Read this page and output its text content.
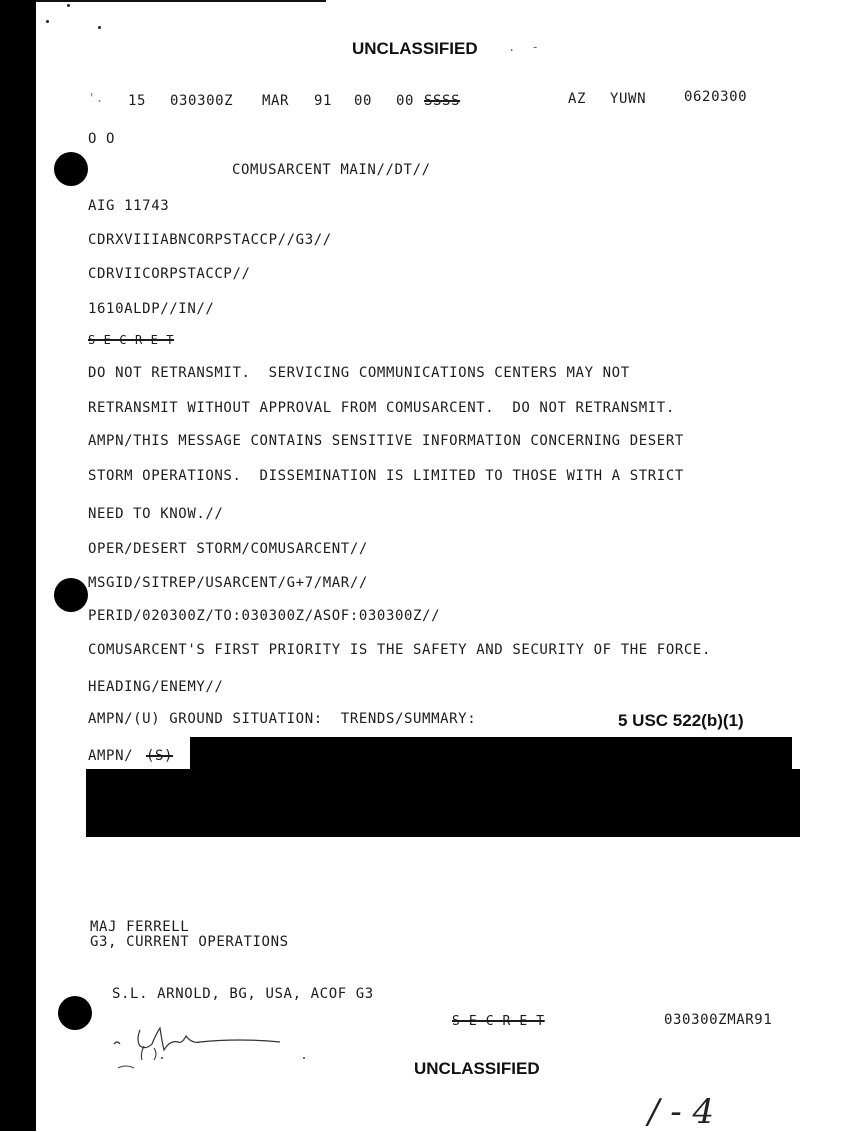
UNCLASSIFIED	.  -
'. 15 030300Z MAR 91 00 00 SSSS	AZ YUWN	0620300
O O
COMUSARCENT MAIN//DT//
AIG 11743
CDRXVIIIABNCORPSTACCP//G3//
CDRVIICORPSTACCP//
1610ALDP//IN//
S E C R E T
DO NOT RETRANSMIT.  SERVICING COMMUNICATIONS CENTERS MAY NOT
RETRANSMIT WITHOUT APPROVAL FROM COMUSARCENT.  DO NOT RETRANSMIT.
AMPN/THIS MESSAGE CONTAINS SENSITIVE INFORMATION CONCERNING DESERT
STORM OPERATIONS.  DISSEMINATION IS LIMITED TO THOSE WITH A STRICT
NEED TO KNOW.//
OPER/DESERT STORM/COMUSARCENT//
MSGID/SITREP/USARCENT/G+7/MAR//
PERID/020300Z/TO:030300Z/ASOF:030300Z//
COMUSARCENT'S FIRST PRIORITY IS THE SAFETY AND SECURITY OF THE FORCE.
HEADING/ENEMY//
AMPN/(U) GROUND SITUATION:  TRENDS/SUMMARY:	5 USC 522(b)(1)
AMPN/ (S)
MAJ FERRELL
G3, CURRENT OPERATIONS
S.L. ARNOLD, BG, USA, ACOF G3
S E C R E T	030300ZMAR91
UNCLASSIFIED
/ - 4
